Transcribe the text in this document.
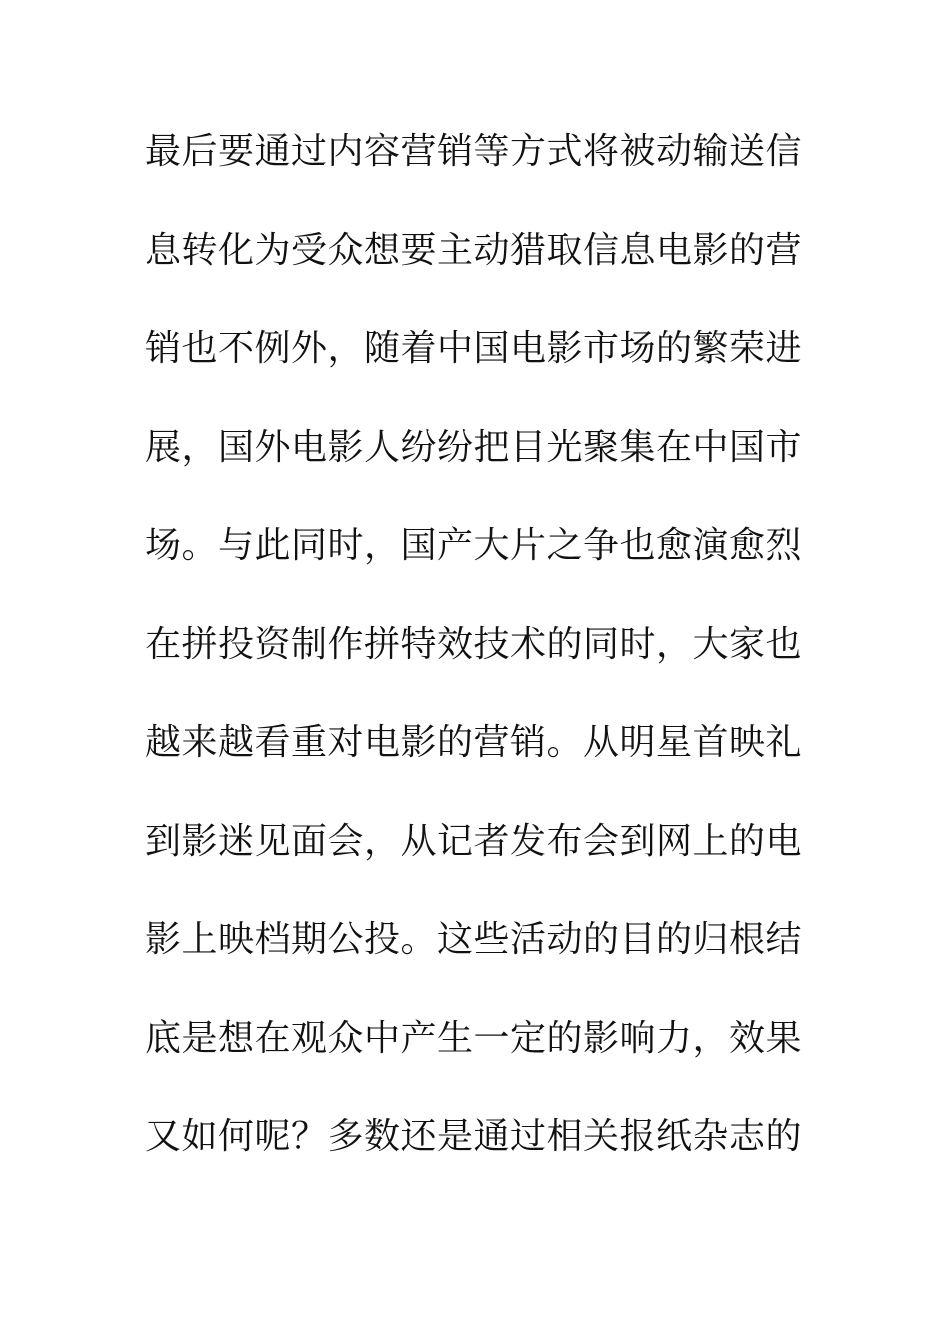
最后要通过内容营销等方式将被动输送信
息转化为受众想要主动猎取信息电影的营
销也不例外，随着中国电影市场的繁荣进
展，国外电影人纷纷把目光聚集在中国市
场。与此同时，国产大片之争也愈演愈烈
在拼投资制作拼特效技术的同时，大家也
越来越看重对电影的营销。从明星首映礼
到影迷见面会，从记者发布会到网上的电
影上映档期公投。这些活动的目的归根结
底是想在观众中产生一定的影响力，效果
又如何呢？多数还是通过相关报纸杂志的
